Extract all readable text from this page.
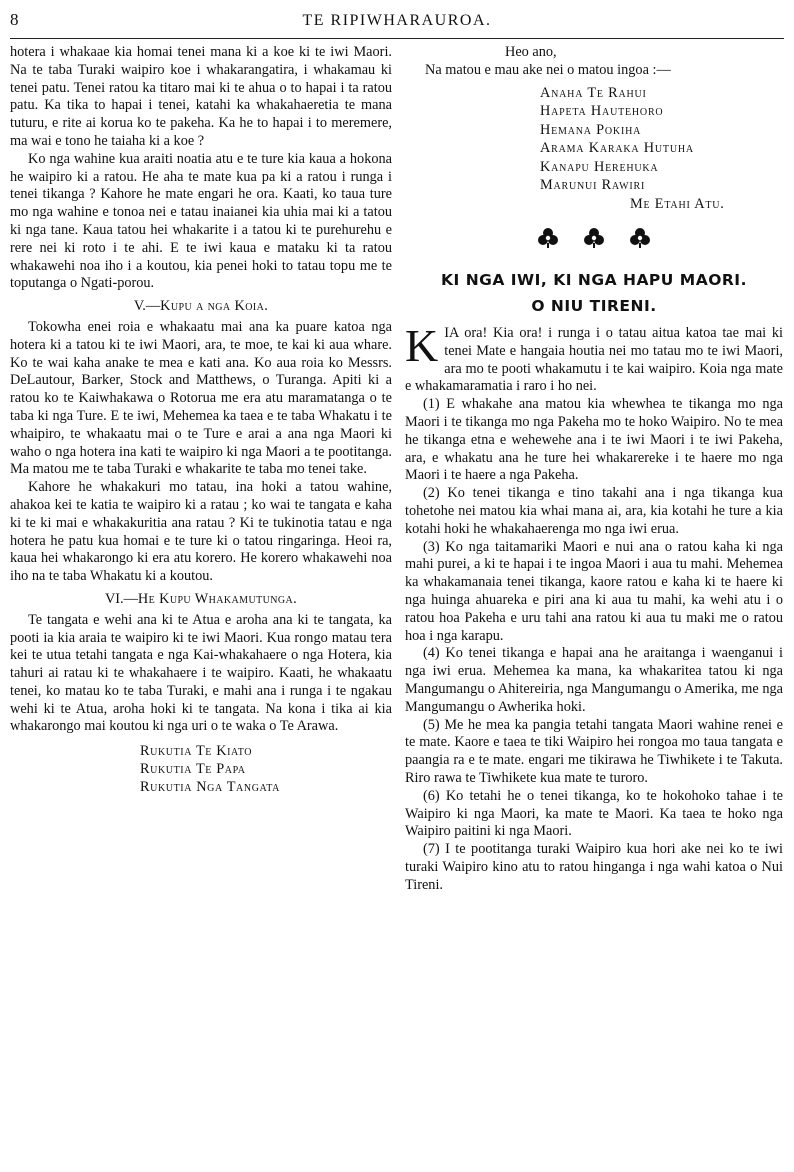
8	TE RIPIWHARAUROA.

hotera i whakaae kia homai tenei mana ki a koe ki te iwi Maori. Na te taba Turaki waipiro koe i whakarangatira, i whakamau ki tenei patu. Tenei ratou ka titaro mai ki te ahua o to hapai i ta ratou patu. Ka tika to hapai i tenei, katahi ka whakahaeretia te mana tuturu, e rite ai korua ko te pakeha. Ka he to hapai i to meremere, ma wai e tono he taiaha ki a koe ?

Ko nga wahine kua araiti noatia atu e te ture kia kaua a hokona he waipiro ki a ratou. He aha te mate kua pa ki a ratou i runga i tenei tikanga ? Kahore he mate engari he ora. Kaati, ko taua ture mo nga wahine e tonoa nei e tatau inaianei kia uhia mai ki a tatou ki nga tane. Kaua tatou hei whakarite i a tatou ki te purehurehu e rere nei ki roto i te ahi. E te iwi kaua e mataku ki ta ratou whakawehi noa iho i a koutou, kia penei hoki to tatau topu me te toputanga o Ngati-porou.

V.—Kupu a nga Koia.

Tokowha enei roia e whakaatu mai ana ka puare katoa nga hotera ki a tatou ki te iwi Maori, ara, te moe, te kai ki aua whare. Ko te wai kaha anake te mea e kati ana. Ko aua roia ko Messrs. DeLautour, Barker, Stock and Matthews, o Turanga. Apiti ki a ratou ko te Kaiwhakawa o Rotorua me era atu maramatanga o te taba ki nga Ture. E te iwi, Mehemea ka taea e te taba Whakatu i te whaipiro, te whakaatu mai o te Ture e arai a ana nga Maori ki waho o nga hotera ina kati te waipiro ki nga Maori a te pootitanga. Ma matou me te taba Turaki e whakarite te taba mo tenei take.

Kahore he whakakuri mo tatau, ina hoki a tatou wahine, ahakoa kei te katia te waipiro ki a ratau ; ko wai te tangata e kaha ki te ki mai e whakakuritia ana ratau ? Ki te tukinotia tatau e nga hotera he patu kua homai e te ture ki o tatou ringaringa. Heoi ra, kaua hei whakarongo ki era atu korero. He korero whakawehi noa iho na te taba Whakatu ki a koutou.

VI.—He Kupu Whakamutunga.

Te tangata e wehi ana ki te Atua e aroha ana ki te tangata, ka pooti ia kia araia te waipiro ki te iwi Maori. Kua rongo matau tera kei te utua tetahi tangata e nga Kai-whakahaere o nga Hotera, kia tahuri ai ratau ki te whakahaere i te waipiro. Kaati, he whakaatu tenei, ko matau ko te taba Turaki, e mahi ana i runga i te ngakau wehi ki te Atua, aroha hoki ki te tangata. Na kona i tika ai kia whakarongo mai koutou ki nga uri o te waka o Te Arawa.

Rukutia Te Kiato
Rukutia Te Papa
Rukutia Nga Tangata

Heo ano,

Na matou e mau ake nei o matou ingoa :—

Anaha Te Rahui
Hapeta Hautehoro
Hemana Pokiha
Arama Karaka Hutuha
Kanapu Herehuka
Marunui Rawiri
Me Etahi Atu.

KI NGA IWI, KI NGA HAPU MAORI.
O NIU TIRENI.
K IA ora! Kia ora! i runga i o tatau aitua katoa tae mai ki tenei Mate e hangaia houtia nei mo tatau mo te iwi Maori, ara mo te pooti whakamutu i te kai waipiro. Koia nga mate e whakamaramatia i raro i ho nei.

(1) E whakahe ana matou kia whewhea te tikanga mo nga Maori i te tikanga mo nga Pakeha mo te hoko Waipiro. No te mea he tikanga etna e wehewehe ana i te iwi Maori i te iwi Pakeha, ara, e whakatu ana he ture hei whakarereke i te haere mo nga Maori i te haere a nga Pakeha.

(2) Ko tenei tikanga e tino takahi ana i nga tikanga kua tohetohe nei matou kia whai mana ai, ara, kia kotahi he ture a kia kotahi hoki he whakahaerenga mo nga iwi erua.

(3) Ko nga taitamariki Maori e nui ana o ratou kaha ki nga mahi purei, a ki te hapai i te ingoa Maori i aua tu mahi. Mehemea ka whakamanaia tenei tikanga, kaore ratou e kaha ki te haere ki nga huinga ahuareka e piri ana ki aua tu mahi, ka wehi atu i o ratou hoa Pakeha e uru tahi ana ratou ki aua tu maki me o ratou hoa i nga karapu.

(4) Ko tenei tikanga e hapai ana he araitanga i waenganui i nga iwi erua. Mehemea ka mana, ka whakaritea tatou ki nga Mangumangu o Ahitereiria, nga Mangumangu o Amerika, me nga Mangumangu o Awherika hoki.

(5) Me he mea ka pangia tetahi tangata Maori wahine renei e te mate. Kaore e taea te tiki Waipiro hei rongoa mo taua tangata e paangia ra e te mate. engari me tikirawa he Tiwhikete i te Takuta. Riro rawa te Tiwhikete kua mate te turoro.

(6) Ko tetahi he o tenei tikanga, ko te hokohoko tahae i te Waipiro ki nga Maori, ka mate te Maori. Ka taea te hoko nga Waipiro paitini ki nga Maori.

(7) I te pootitanga turaki Waipiro kua hori ake nei ko te iwi turaki Waipiro kino atu to ratou hinganga i nga wahi katoa o Nui Tireni.
